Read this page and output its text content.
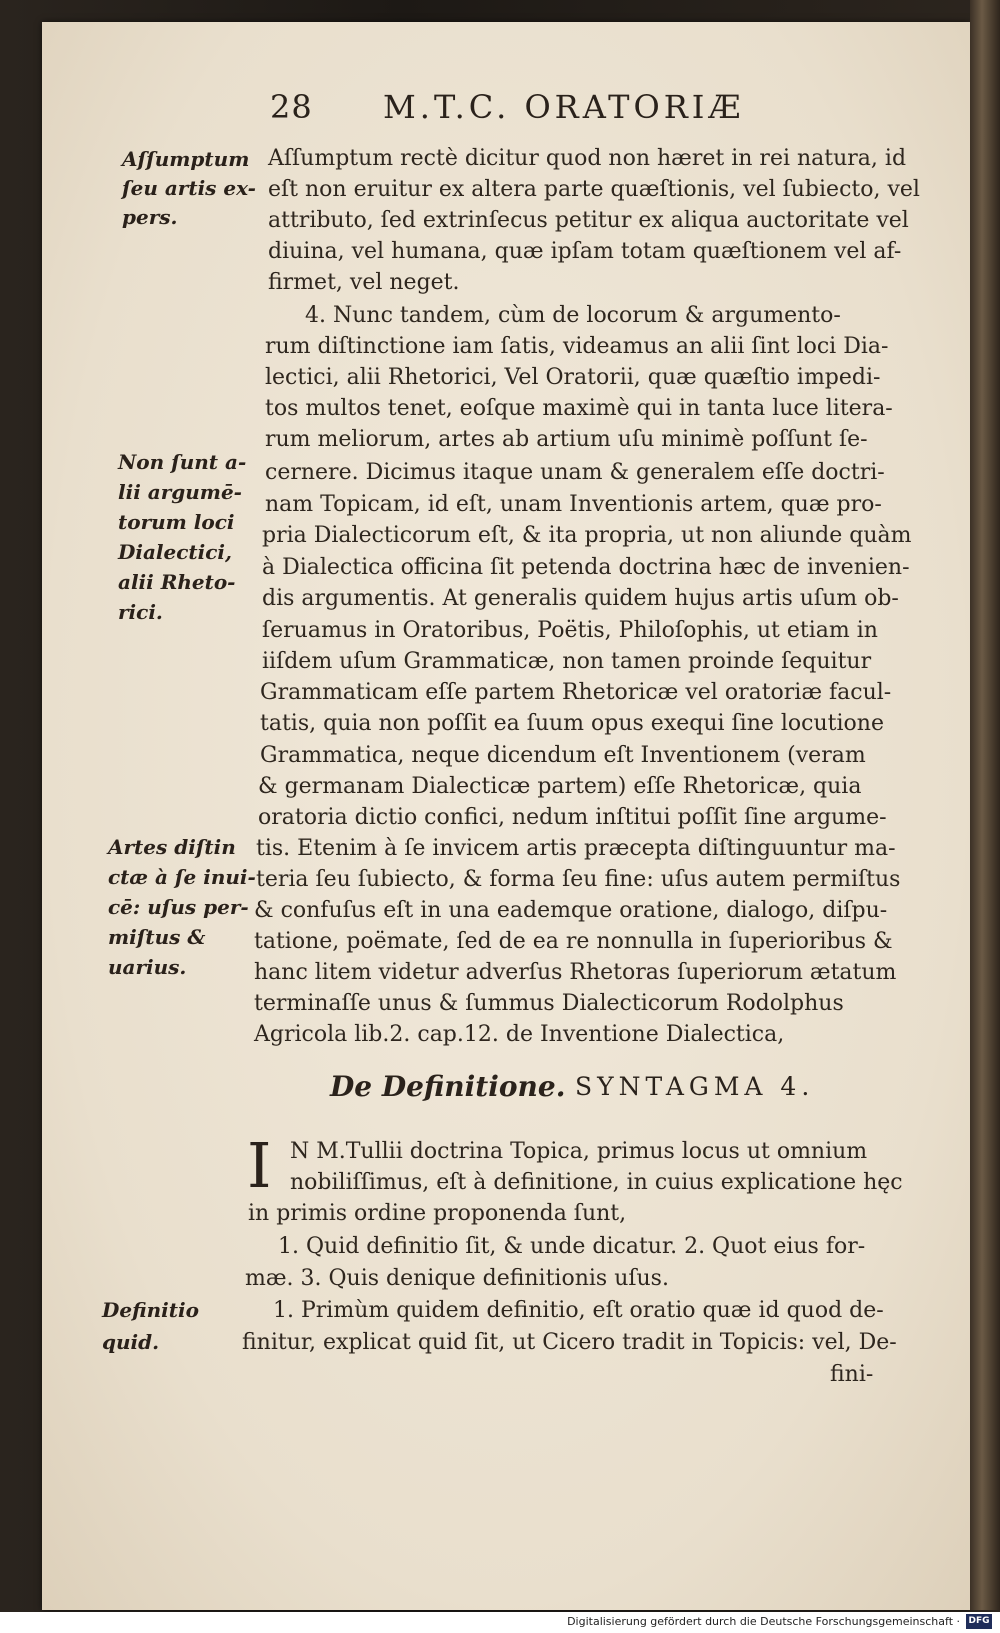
28 M.T.C. ORATORIÆ
Aſſumptum
ſeu artis ex-
pers.
Non ſunt a-
lii argumē-
torum loci
Dialectici,
alii Rheto-
rici.
Artes diſtin
ctæ à ſe inui-
cē: uſus per-
miſtus &
uarius.
Definitio
quid.
Aſſumptum rectè dicitur quod non hæret in rei natura, id
eſt non eruitur ex altera parte quæſtionis, vel ſubiecto, vel
attributo, ſed extrinſecus petitur ex aliqua auctoritate vel
diuina, vel humana, quæ ipſam totam quæſtionem vel af-
firmet, vel neget.
4. Nunc tandem, cùm de locorum & argumento-
rum diſtinctione iam ſatis, videamus an alii ſint loci Dia-
lectici, alii Rhetorici, Vel Oratorii, quæ quæſtio impedi-
tos multos tenet, eoſque maximè qui in tanta luce litera-
rum meliorum, artes ab artium uſu minimè poſſunt ſe-
cernere. Dicimus itaque unam & generalem eſſe doctri-
nam Topicam, id eſt, unam Inventionis artem, quæ pro-
pria Dialecticorum eſt, & ita propria, ut non aliunde quàm
à Dialectica officina ſit petenda doctrina hæc de invenien-
dis argumentis. At generalis quidem hujus artis uſum ob-
ſeruamus in Oratoribus, Poëtis, Philoſophis, ut etiam in
iiſdem uſum Grammaticæ, non tamen proinde ſequitur
Grammaticam eſſe partem Rhetoricæ vel oratoriæ facul-
tatis, quia non poſſit ea ſuum opus exequi ſine locutione
Grammatica, neque dicendum eſt Inventionem (veram
& germanam Dialecticæ partem) eſſe Rhetoricæ, quia
oratoria dictio confici, nedum inſtitui poſſit ſine argume-
tis. Etenim à ſe invicem artis præcepta diſtinguuntur ma-
teria ſeu ſubiecto, & forma ſeu fine: uſus autem permiſtus
& confuſus eſt in una eademque oratione, dialogo, diſpu-
tatione, poëmate, ſed de ea re nonnulla in ſuperioribus &
hanc litem videtur adverſus Rhetoras ſuperiorum ætatum
terminaſſe unus & ſummus Dialecticorum Rodolphus
Agricola lib.2. cap.12. de Inventione Dialectica,
De Definitione. SYNTAGMA 4.
I N M.Tullii doctrina Topica, primus locus ut omnium
nobiliſſimus, eſt à definitione, in cuius explicatione hęc
in primis ordine proponenda ſunt,
1. Quid definitio ſit, & unde dicatur. 2. Quot eius for-
mæ. 3. Quis denique definitionis uſus.
1. Primùm quidem definitio, eſt oratio quæ id quod de-
finitur, explicat quid ſit, ut Cicero tradit in Topicis: vel, De-
fini-
Digitalisierung gefördert durch die Deutsche Forschungsgemeinschaft · DFG
